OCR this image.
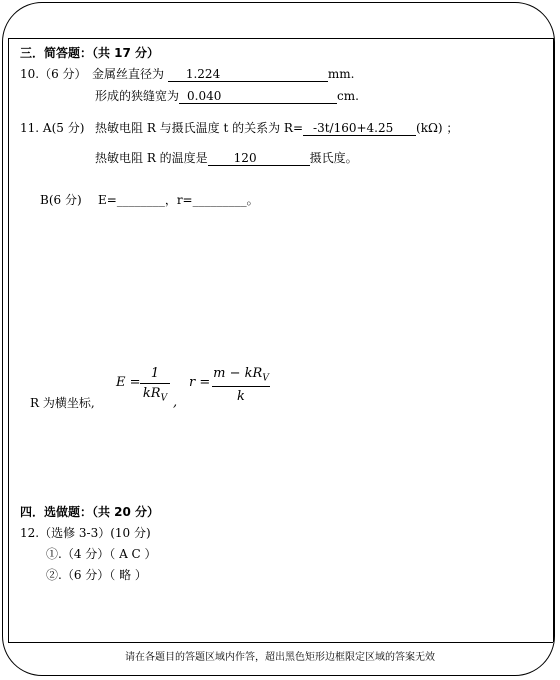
三．简答题：（共 17 分）
10.（6 分） 金属丝直径为 1.224	mm.
形成的狭缝宽为 0.040	cm.
11. A(5 分) 热敏电阻 R 与摄氏温度 t 的关系为 R= -3t/160+4.25 (kΩ) ；
热敏电阻 R 的温度是 120	摄氏度。
B(6 分) E=________，r=_________。
R 为横坐标,
E =
1
$kR_V$ ,
r =
$m - kR_V$
k
四．选做题：（共 20 分）
12.（选修 3-3）(10 分)
①.（4 分）（ A C ）
②.（6 分）（ 略 ）
请在各题目的答题区域内作答，超出黑色矩形边框限定区域的答案无效
